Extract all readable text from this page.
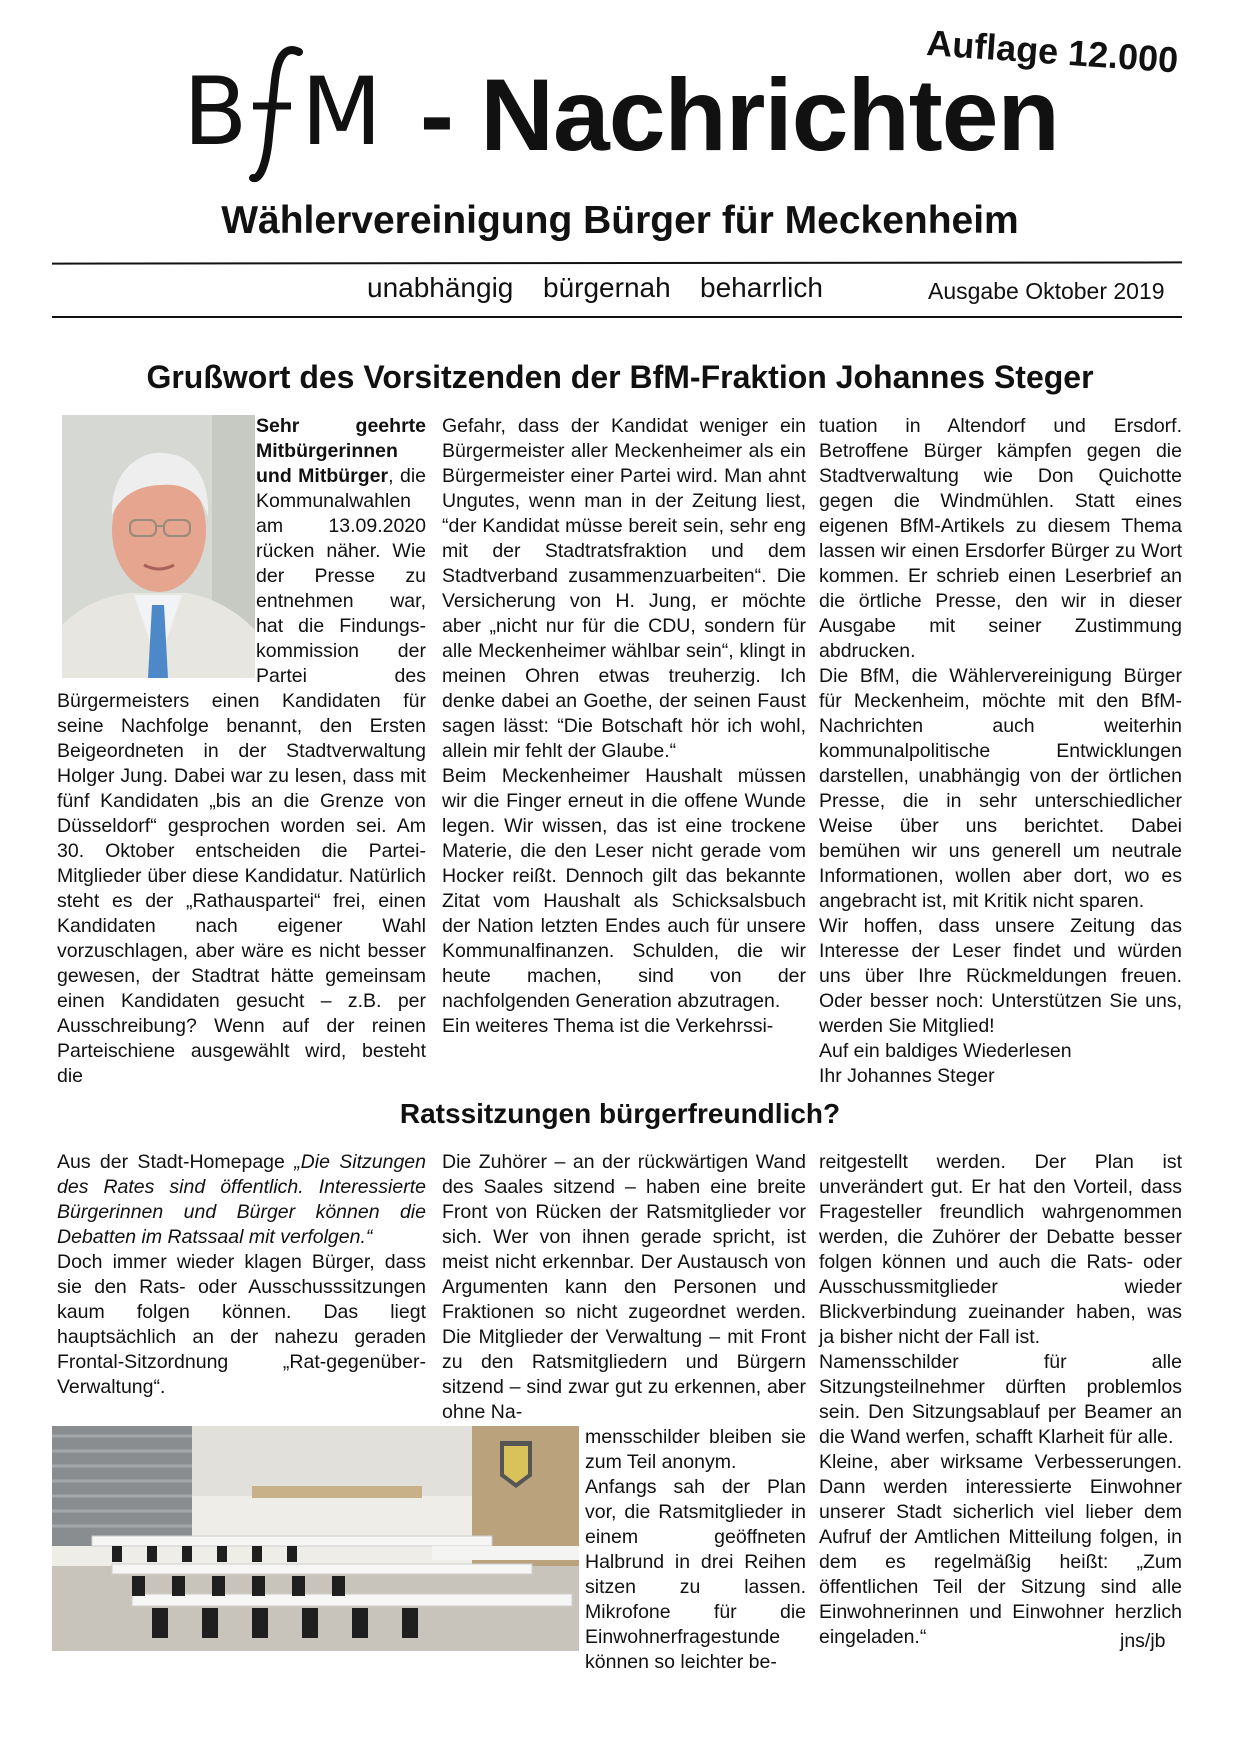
B M - Nachrichten
Auflage 12.000
Wählervereinigung Bürger für Meckenheim
unabhängig bürgernah beharrlich	Ausgabe Oktober 2019
Grußwort des Vorsitzenden der BfM-Fraktion Johannes Steger

Sehr geehrte Mitbürgerinnen und Mitbürger, die Kommunalwahlen am 13.09.2020 rücken näher. Wie der Presse zu entnehmen war, hat die Findungs-kommission der Partei des Bürgermeisters einen Kandidaten für seine Nachfolge benannt, den Ersten Beigeordneten in der Stadtverwaltung Holger Jung. Dabei war zu lesen, dass mit fünf Kandidaten „bis an die Grenze von Düsseldorf“ gesprochen worden sei. Am 30. Oktober entscheiden die Partei-Mitglieder über diese Kandidatur. Natürlich steht es der „Rathauspartei“ frei, einen Kandidaten nach eigener Wahl vorzuschlagen, aber wäre es nicht besser gewesen, der Stadtrat hätte gemeinsam einen Kandidaten gesucht – z.B. per Ausschreibung? Wenn auf der reinen Parteischiene ausgewählt wird, besteht die

Gefahr, dass der Kandidat weniger ein Bürgermeister aller Meckenheimer als ein Bürgermeister einer Partei wird. Man ahnt Ungutes, wenn man in der Zeitung liest, “der Kandidat müsse bereit sein, sehr eng mit der Stadtratsfraktion und dem Stadtverband zusammenzuarbeiten“. Die Versicherung von H. Jung, er möchte aber „nicht nur für die CDU, sondern für alle Meckenheimer wählbar sein“, klingt in meinen Ohren etwas treuherzig. Ich denke dabei an Goethe, der seinen Faust sagen lässt: “Die Botschaft hör ich wohl, allein mir fehlt der Glaube.“

Beim Meckenheimer Haushalt müssen wir die Finger erneut in die offene Wunde legen. Wir wissen, das ist eine trockene Materie, die den Leser nicht gerade vom Hocker reißt. Dennoch gilt das bekannte Zitat vom Haushalt als Schicksalsbuch der Nation letzten Endes auch für unsere Kommunalfinanzen. Schulden, die wir heute machen, sind von der nachfolgenden Generation abzutragen.

Ein weiteres Thema ist die Verkehrssi-

tuation in Altendorf und Ersdorf. Betroffene Bürger kämpfen gegen die Stadtverwaltung wie Don Quichotte gegen die Windmühlen. Statt eines eigenen BfM-Artikels zu diesem Thema lassen wir einen Ersdorfer Bürger zu Wort kommen. Er schrieb einen Leserbrief an die örtliche Presse, den wir in dieser Ausgabe mit seiner Zustimmung abdrucken.

Die BfM, die Wählervereinigung Bürger für Meckenheim, möchte mit den BfM-Nachrichten auch weiterhin kommunalpolitische Entwicklungen darstellen, unabhängig von der örtlichen Presse, die in sehr unterschiedlicher Weise über uns berichtet. Dabei bemühen wir uns generell um neutrale Informationen, wollen aber dort, wo es angebracht ist, mit Kritik nicht sparen.

Wir hoffen, dass unsere Zeitung das Interesse der Leser findet und würden uns über Ihre Rückmeldungen freuen. Oder besser noch: Unterstützen Sie uns, werden Sie Mitglied!

Auf ein baldiges Wiederlesen

Ihr Johannes Steger

Ratssitzungen bürgerfreundlich?

Aus der Stadt-Homepage „Die Sitzungen des Rates sind öffentlich. Interessierte Bürgerinnen und Bürger können die Debatten im Ratssaal mit verfolgen.“

Doch immer wieder klagen Bürger, dass sie den Rats- oder Ausschusssitzungen kaum folgen können. Das liegt hauptsächlich an der nahezu geraden Frontal-Sitzordnung „Rat-gegenüber-Verwaltung“.

Die Zuhörer – an der rückwärtigen Wand des Saales sitzend – haben eine breite Front von Rücken der Ratsmitglieder vor sich. Wer von ihnen gerade spricht, ist meist nicht erkennbar. Der Austausch von Argumenten kann den Personen und Fraktionen so nicht zugeordnet werden. Die Mitglieder der Verwaltung – mit Front zu den Ratsmitgliedern und Bürgern sitzend – sind zwar gut zu erkennen, aber ohne Na-

mensschilder bleiben sie zum Teil anonym.

Anfangs sah der Plan vor, die Ratsmitglieder in einem geöffneten Halbrund in drei Reihen sitzen zu lassen. Mikrofone für die Einwohnerfragestunde können so leichter be-

reitgestellt werden. Der Plan ist unverändert gut. Er hat den Vorteil, dass Fragesteller freundlich wahrgenommen werden, die Zuhörer der Debatte besser folgen können und auch die Rats- oder Ausschussmitglieder wieder Blickverbindung zueinander haben, was ja bisher nicht der Fall ist.

Namensschilder für alle Sitzungsteilnehmer dürften problemlos sein. Den Sitzungsablauf per Beamer an die Wand werfen, schafft Klarheit für alle.

Kleine, aber wirksame Verbesserungen. Dann werden interessierte Einwohner unserer Stadt sicherlich viel lieber dem Aufruf der Amtlichen Mitteilung folgen, in dem es regelmäßig heißt: „Zum öffentlichen Teil der Sitzung sind alle Einwohnerinnen und Einwohner herzlich eingeladen.“	jns/jb
